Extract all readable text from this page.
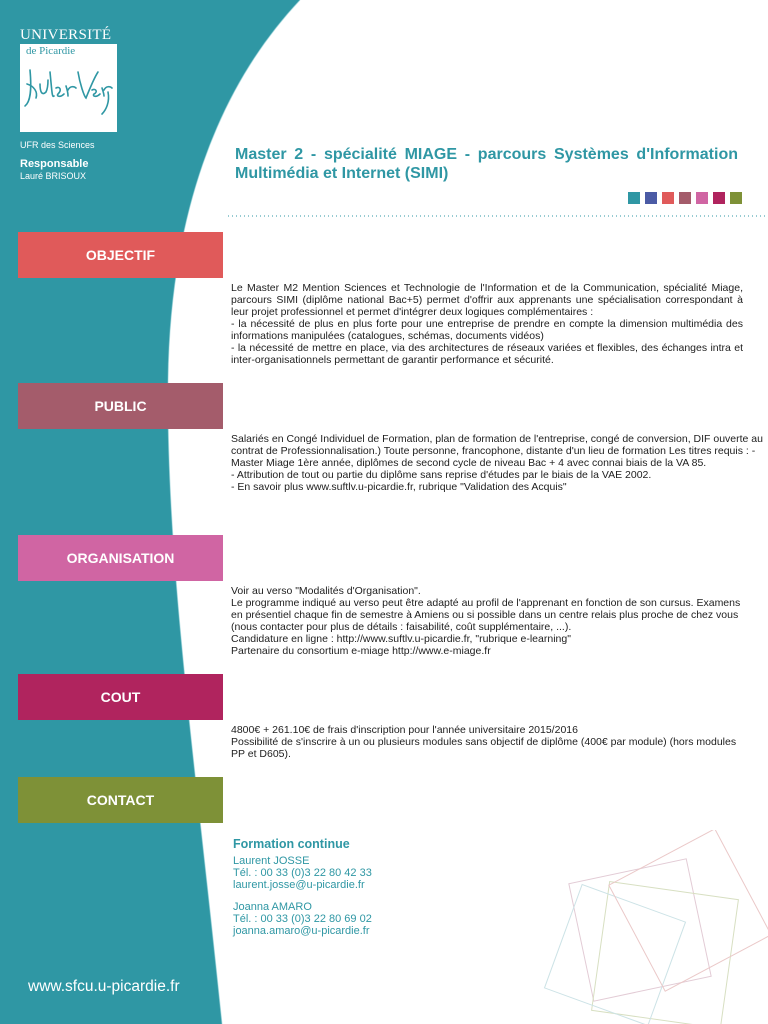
UNIVERSITÉ
de Picardie
UFR des Sciences
Responsable
Lauré BRISOUX
Master 2 - spécialité MIAGE - parcours Systèmes d'Information Multimédia et Internet (SIMI)
OBJECTIF
Le Master M2 Mention Sciences et Technologie de l'Information et de la Communication, spécialité Miage, parcours SIMI (diplôme national Bac+5) permet d'offrir aux apprenants une spécialisation correspondant à leur projet professionnel et permet d'intégrer deux logiques complémentaires :
- la nécessité de plus en plus forte pour une entreprise de prendre en compte la dimension multimédia des informations manipulées (catalogues, schémas, documents vidéos)
- la nécessité de mettre en place, via des architectures de réseaux variées et flexibles, des échanges intra et inter-organisationnels permettant de garantir performance et sécurité.
PUBLIC
Salariés en Congé Individuel de Formation, plan de formation de l'entreprise, congé de conversion, DIF ouverte au contrat de Professionnalisation.) Toute personne, francophone, distante d'un lieu de formation Les titres requis : - Master Miage 1ère année, diplômes de second cycle de niveau Bac + 4 avec connai biais de la VA 85.
- Attribution de tout ou partie du diplôme sans reprise d'études par le biais de la VAE 2002.
- En savoir plus www.suftlv.u-picardie.fr, rubrique "Validation des Acquis"
ORGANISATION
Voir au verso "Modalités d'Organisation".
Le programme indiqué au verso peut être adapté au profil de l'apprenant en fonction de son cursus. Examens en présentiel chaque fin de semestre à Amiens ou si possible dans un centre relais plus proche de chez vous (nous contacter pour plus de détails : faisabilité, coût supplémentaire, ...).
Candidature en ligne : http://www.suftlv.u-picardie.fr, "rubrique e-learning"
Partenaire du consortium e-miage http://www.e-miage.fr
COUT
4800€ + 261.10€ de frais d'inscription pour l'année universitaire 2015/2016
Possibilité de s'inscrire à un ou plusieurs modules sans objectif de diplôme (400€ par module) (hors modules PP et D605).
CONTACT
Formation continue
Laurent JOSSE
Tél. : 00 33 (0)3 22 80 42 33
laurent.josse@u-picardie.fr
Joanna AMARO
Tél. : 00 33 (0)3 22 80 69 02
joanna.amaro@u-picardie.fr
www.sfcu.u-picardie.fr
